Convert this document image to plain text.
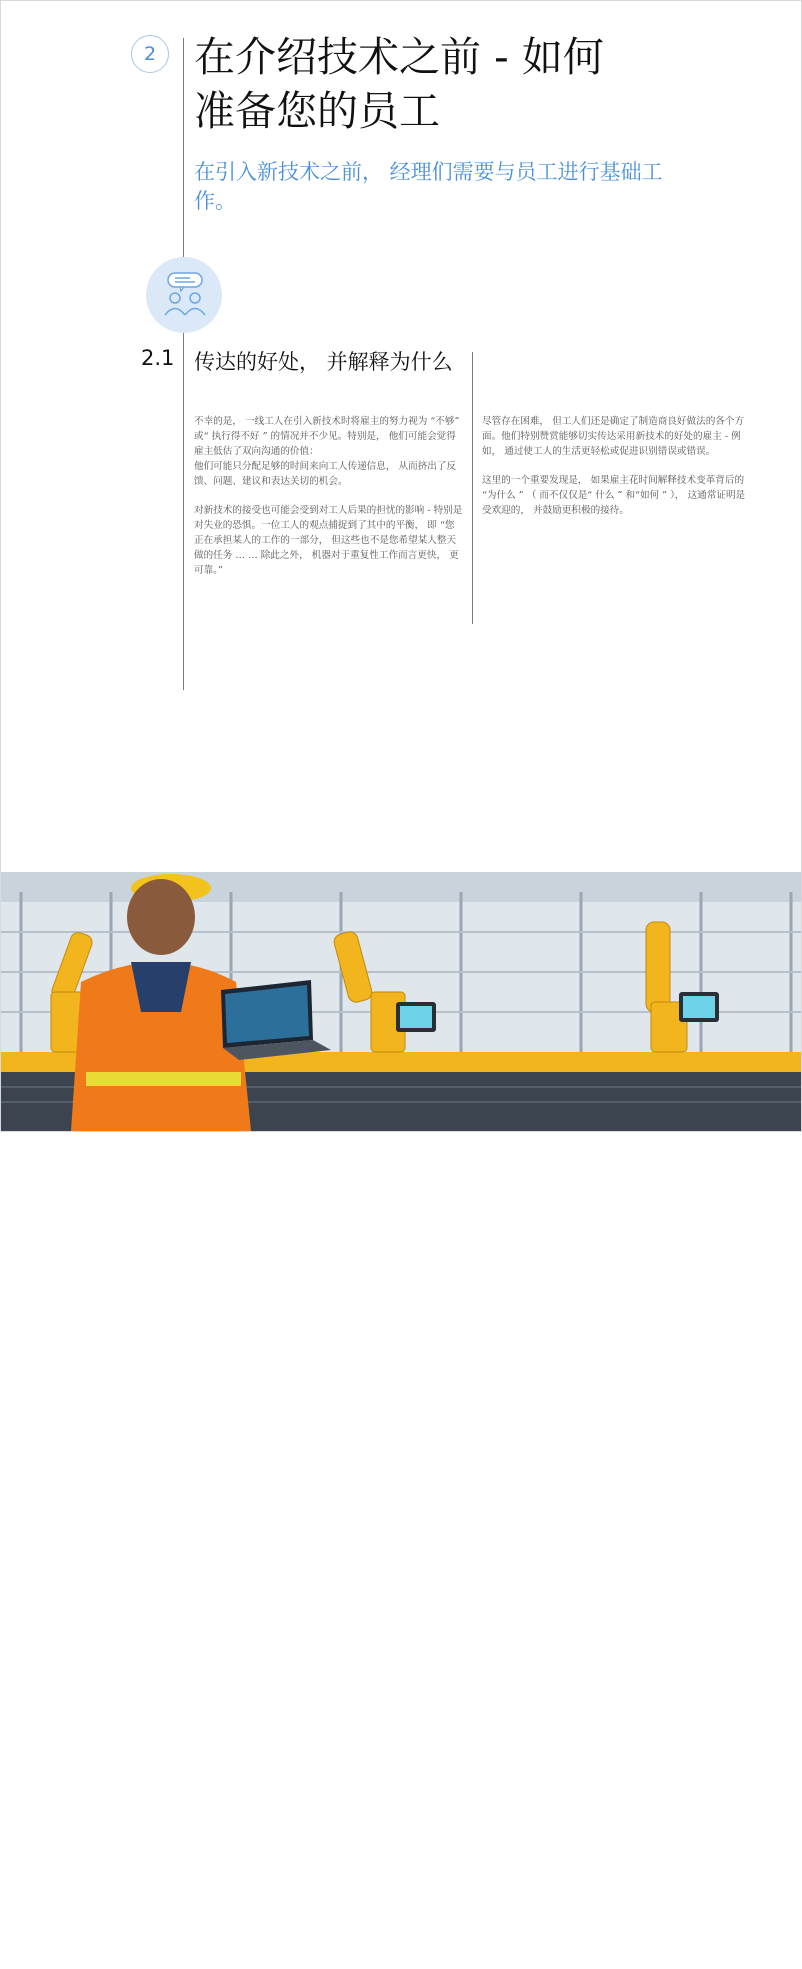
2 在介绍技术之前 - 如何准备您的员工

在引入新技术之前， 经理们需要与员工进行基础工作。

2.1 传达的好处， 并解释为什么

不幸的是， 一线工人在引入新技术时将雇主的努力视为 “不够” 或“ 执行得不好 ” 的情况并不少见。特别是， 他们可能会觉得雇主低估了双向沟通的价值：
他们可能只分配足够的时间来向工人传递信息， 从而挤出了反馈、问题、建议和表达关切的机会。

对新技术的接受也可能会受到对工人后果的担忧的影响 - 特别是对失业的恐惧。一位工人的观点捕捉到了其中的平衡， 即 “您正在承担某人的工作的一部分， 但这些也不是您希望某人整天做的任务 … … 除此之外， 机器对于重复性工作而言更快， 更可靠。”

尽管存在困难， 但工人们还是确定了制造商良好做法的各个方面。他们特别赞赏能够切实传达采用新技术的好处的雇主 - 例如， 通过使工人的生活更轻松或促进识别错误或错误。

这里的一个重要发现是， 如果雇主花时间解释技术变革背后的 “为什么 ” （ 而不仅仅是“ 什么 ” 和“如何 ” ）， 这通常证明是受欢迎的， 并鼓励更积极的接待。

来自制造业前线的观点： 工人对如何引入的见解新技术	8
